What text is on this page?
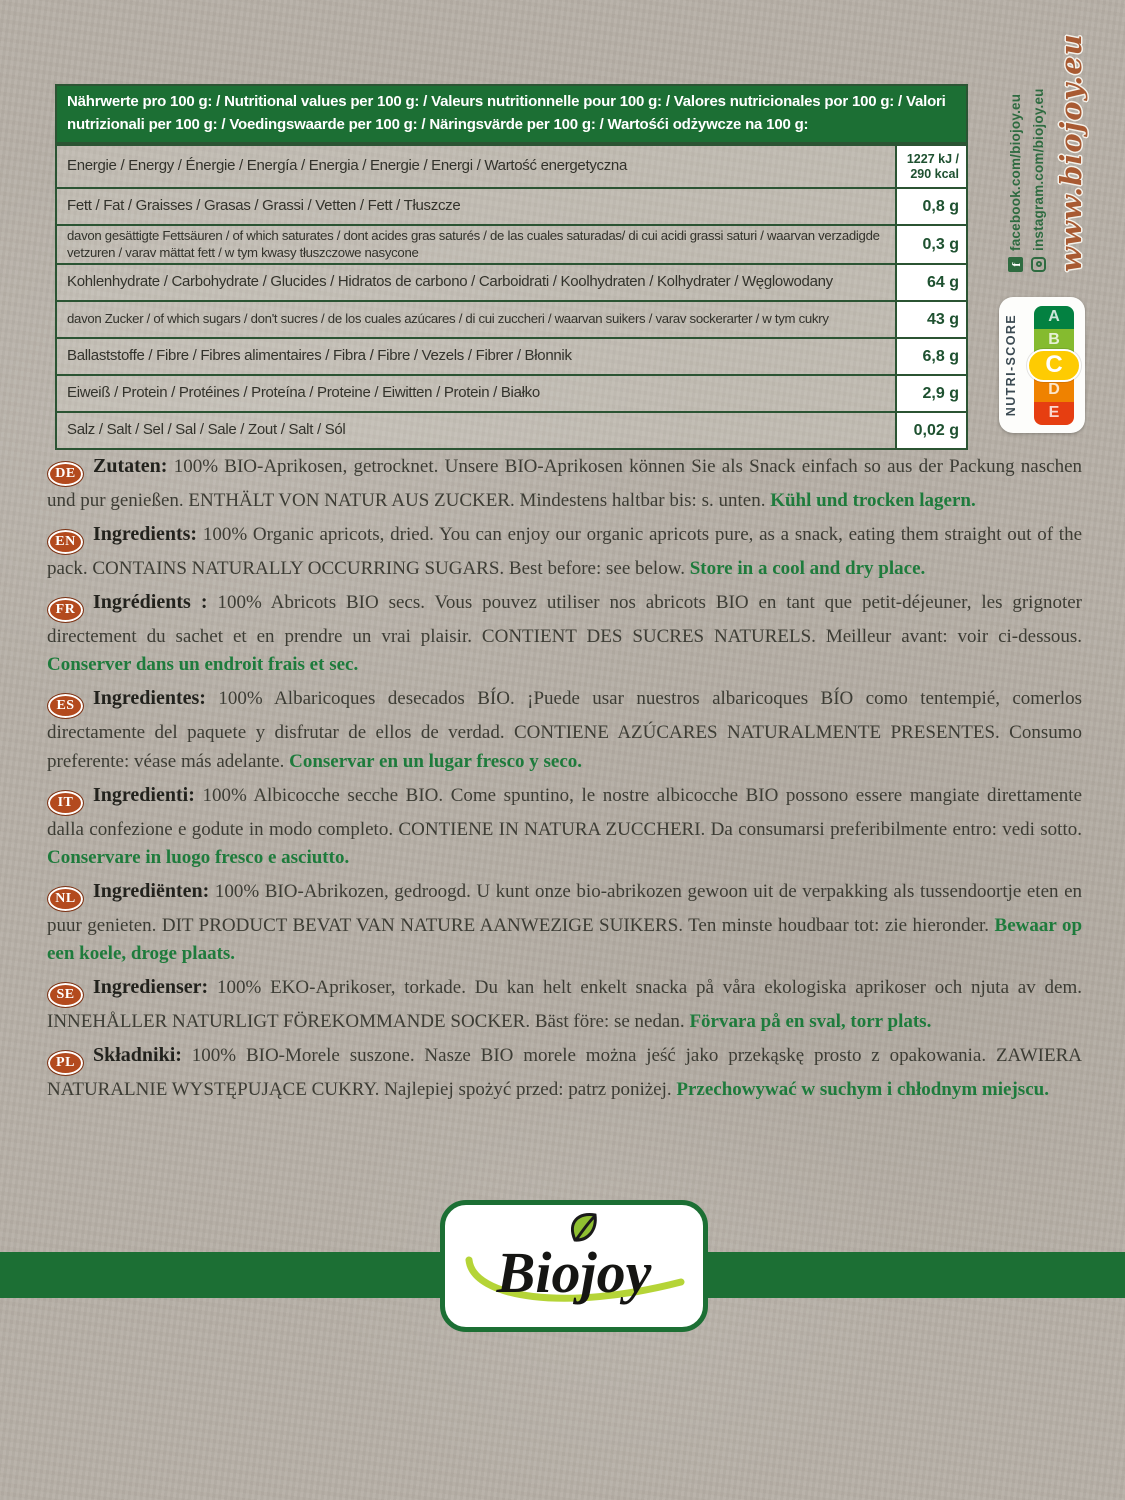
Nährwerte pro 100 g: / Nutritional values per 100 g: / Valeurs nutritionnelle pour 100 g: / Valores nutricionales por 100 g: / Valori nutrizionali per 100 g: / Voedingswaarde per 100 g: / Näringsvärde per 100 g: / Wartośći odżywcze na 100 g:
Energie / Energy / Énergie / Energía / Energia / Energie / Energi / Wartość energetyczna	1227 kJ / 290 kcal
Fett / Fat / Graisses / Grasas / Grassi / Vetten / Fett / Tłuszcze	0,8 g
davon gesättigte Fettsäuren / of which saturates / dont acides gras saturés / de las cuales saturadas/ di cui acidi grassi saturi / waarvan verzadigde vetzuren / varav mättat fett / w tym kwasy tłuszczowe nasycone	0,3 g
Kohlenhydrate / Carbohydrate / Glucides / Hidratos de carbono / Carboidrati / Koolhydraten / Kolhydrater / Węglowodany	64 g
davon Zucker / of which sugars / don't sucres / de los cuales azúcares / di cui zuccheri / waarvan suikers / varav sockerarter / w tym cukry	43 g
Ballaststoffe / Fibre / Fibres alimentaires / Fibra / Fibre / Vezels / Fibrer / Błonnik	6,8 g
Eiweiß / Protein / Protéines / Proteína / Proteine / Eiwitten / Protein / Białko	2,9 g
Salz / Salt / Sel / Sal / Sale / Zout / Salt / Sól	0,02 g
f
facebook.com/biojoy.eu instagram.com/biojoy.eu www.biojoy.eu
NUTRI-SCORE	A
B
C
D
E

DE Zutaten: 100% BIO-Aprikosen, getrocknet. Unsere BIO-Aprikosen können Sie als Snack einfach so aus der Packung naschen und pur genießen. ENTHÄLT VON NATUR AUS ZUCKER. Mindestens haltbar bis: s. unten. Kühl und trocken lagern.

EN Ingredients: 100% Organic apricots, dried. You can enjoy our organic apricots pure, as a snack, eating them straight out of the pack. CONTAINS NATURALLY OCCURRING SUGARS. Best before: see below. Store in a cool and dry place.

FR Ingrédients : 100% Abricots BIO secs. Vous pouvez utiliser nos abricots BIO en tant que petit-déjeuner, les grignoter directement du sachet et en prendre un vrai plaisir. CONTIENT DES SUCRES NATURELS. Meilleur avant: voir ci-dessous. Conserver dans un endroit frais et sec.

ES Ingredientes: 100% Albaricoques desecados BÍO. ¡Puede usar nuestros albaricoques BÍO como tentempié, comerlos directamente del paquete y disfrutar de ellos de verdad. CONTIENE AZÚCARES NATURALMENTE PRESENTES. Consumo preferente: véase más adelante. Conservar en un lugar fresco y seco.

IT Ingredienti: 100% Albicocche secche BIO. Come spuntino, le nostre albicocche BIO possono essere mangiate direttamente dalla confezione e godute in modo completo. CONTIENE IN NATURA ZUCCHERI. Da consumarsi preferibilmente entro: vedi sotto. Conservare in luogo fresco e asciutto.

NL Ingrediënten: 100% BIO-Abrikozen, gedroogd. U kunt onze bio-abrikozen gewoon uit de verpakking als tussendoortje eten en puur genieten. DIT PRODUCT BEVAT VAN NATURE AANWEZIGE SUIKERS. Ten minste houdbaar tot: zie hieronder. Bewaar op een koele, droge plaats.

SE Ingredienser: 100% EKO-Aprikoser, torkade. Du kan helt enkelt snacka på våra ekologiska aprikoser och njuta av dem. INNEHÅLLER NATURLIGT FÖREKOMMANDE SOCKER. Bäst före: se nedan. Förvara på en sval, torr plats.

PL Składniki: 100% BIO-Morele suszone. Nasze BIO morele można jeść jako przekąskę prosto z opakowania. ZAWIERA NATURALNIE WYSTĘPUJĄCE CUKRY. Najlepiej spożyć przed: patrz poniżej. Przechowywać w suchym i chłodnym miejscu.

Biojoy
